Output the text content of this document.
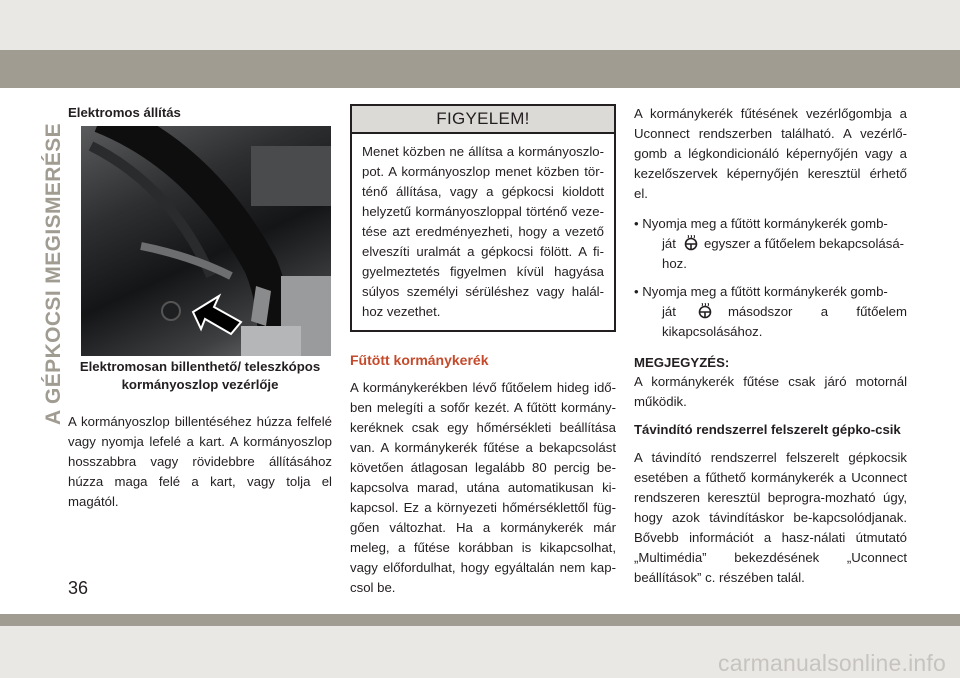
A GÉPKOCSI MEGISMERÉSE
Elektromos állítás
Elektromosan billenthető/ teleszkópos kormányoszlop vezérlője

A kormányoszlop billentéséhez húzza felfelé vagy nyomja lefelé a kart. A kormányoszlop hosszabbra vagy rövidebbre állításához húzza maga felé a kart, vagy tolja el magától.

FIGYELEM!
Menet közben ne állítsa a kormányoszlo-pot. A kormányoszlop menet közben tör-ténő állítása, vagy a gépkocsi kioldott helyzetű kormányoszloppal történő veze-tése azt eredményezheti, hogy a vezető elveszíti uralmát a gépkocsi fölött. A fi-gyelmeztetés figyelmen kívül hagyása súlyos személyi sérüléshez vagy halál-hoz vezethet.
Fűtött kormánykerék

A kormánykerékben lévő fűtőelem hideg idő-ben melegíti a sofőr kezét. A fűtött kormány-keréknek csak egy hőmérsékleti beállítása van. A kormánykerék fűtése a bekapcsolást követően átlagosan legalább 80 percig be-kapcsolva marad, utána automatikusan ki-kapcsol. Ez a környezeti hőmérséklettől füg-gően változhat. Ha a kormánykerék már meleg, a fűtése korábban is kikapcsolhat, vagy előfordulhat, hogy egyáltalán nem kap-csol be.

A kormánykerék fűtésének vezérlőgombja a Uconnect rendszerben található. A vezérlő-gomb a légkondicionáló képernyőjén vagy a kezelőszervek képernyőjén keresztül érhető el.

• Nyomja meg a fűtött kormánykerék gomb-
ját egyszer a fűtőelem bekapcsolásá-
hoz.
• Nyomja meg a fűtött kormánykerék gomb-
ját	másodszor a fűtőelem
kikapcsolásához.
MEGJEGYZÉS:

A kormánykerék fűtése csak járó motornál működik.

Távindító rendszerrel felszerelt gépko-csik

A távindító rendszerrel felszerelt gépkocsik esetében a fűthető kormánykerék a Uconnect rendszeren keresztül beprogra-mozható úgy, hogy azok távindításkor be-kapcsolódjanak. Bővebb információt a hasz-nálati útmutató „Multimédia” bekezdésének „Uconnect beállítások” c. részében talál.

36
carmanualsonline.info
